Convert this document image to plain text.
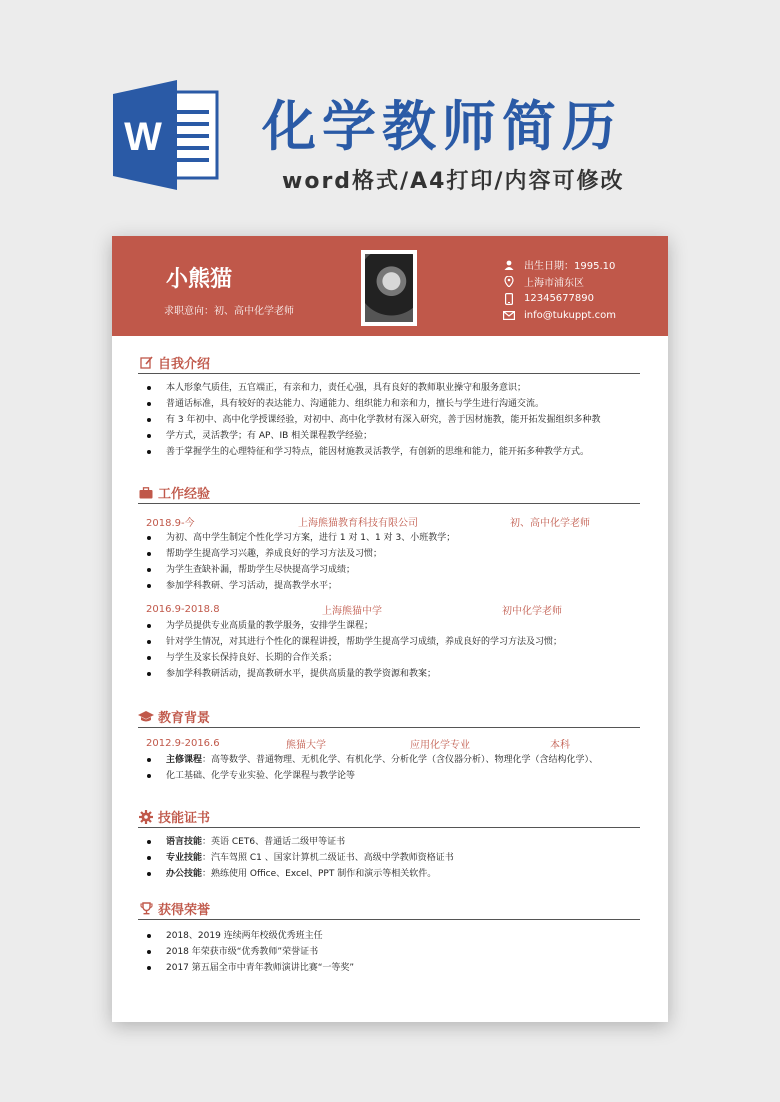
W 化学教师简历
word格式/A4打印/内容可修改
小熊猫
求职意向：初、高中化学老师
出生日期：1995.10
上海市浦东区
12345677890
info@tukuppt.com
自我介绍
本人形象气质佳，五官端正，有亲和力，责任心强，具有良好的教师职业操守和服务意识；
普通话标准，具有较好的表达能力、沟通能力、组织能力和亲和力，擅长与学生进行沟通交流。
有 3 年初中、高中化学授课经验，对初中、高中化学教材有深入研究，善于因材施教，能开拓发掘组织多种教
学方式，灵活教学；有 AP、IB 相关课程教学经验；
善于掌握学生的心理特征和学习特点，能因材施教灵活教学，有创新的思维和能力，能开拓多种教学方式。
工作经验
2018.9-今	上海熊猫教育科技有限公司	初、高中化学老师
为初、高中学生制定个性化学习方案，进行 1 对 1、1 对 3、小班教学；
帮助学生提高学习兴趣，养成良好的学习方法及习惯；
为学生查缺补漏，帮助学生尽快提高学习成绩；
参加学科教研、学习活动，提高教学水平；
2016.9-2018.8	上海熊猫中学	初中化学老师
为学员提供专业高质量的教学服务，安排学生课程；
针对学生情况，对其进行个性化的课程讲授，帮助学生提高学习成绩，养成良好的学习方法及习惯；
与学生及家长保持良好、长期的合作关系；
参加学科教研活动，提高教研水平，提供高质量的教学资源和教案；
教育背景
2012.9-2016.6	熊猫大学	应用化学专业	本科
主修课程：高等数学、普通物理、无机化学、有机化学、分析化学（含仪器分析）、物理化学（含结构化学）、
化工基础、化学专业实验、化学课程与教学论等
技能证书
语言技能：英语 CET6、普通话二级甲等证书
专业技能：汽车驾照 C1 、国家计算机二级证书、高级中学教师资格证书
办公技能：熟练使用 Office、Excel、PPT 制作和演示等相关软件。
获得荣誉
2018、2019 连续两年校级优秀班主任
2018 年荣获市级“优秀教师”荣誉证书
2017 第五届全市中青年教师演讲比赛“一等奖”
